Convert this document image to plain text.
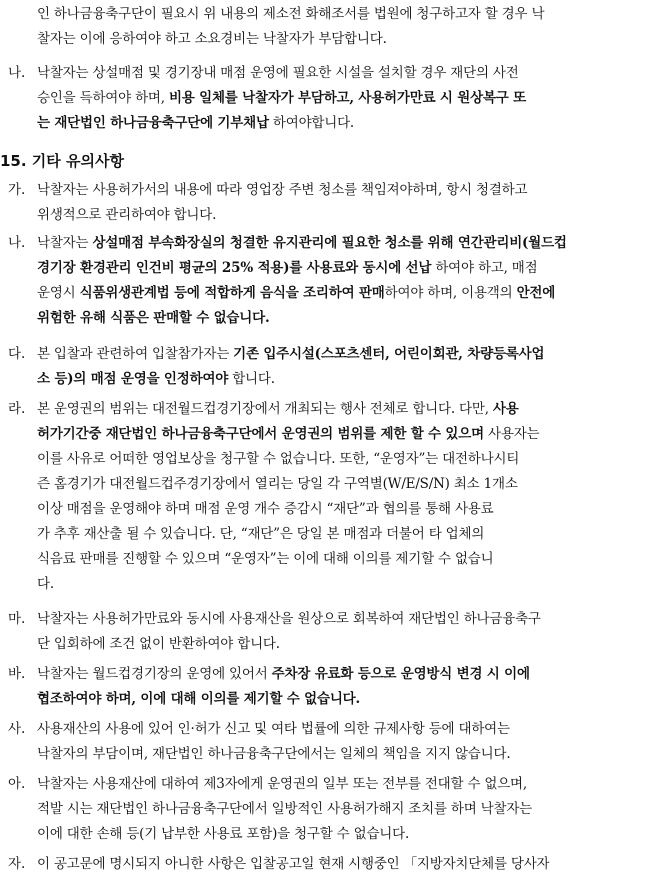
인 하나금융축구단이 필요시 위 내용의 제소전 화해조서를 법원에 청구하고자 할 경우 낙
찰자는 이에 응하여야 하고 소요경비는 낙찰자가 부담합니다.
나. 낙찰자는 상설매점 및 경기장내 매점 운영에 필요한 시설을 설치할 경우 재단의 사전
승인을 득하여야 하며, 비용 일체를 낙찰자가 부담하고, 사용허가만료 시 원상복구 또
는 재단법인 하나금융축구단에 기부채납 하여야합니다.
15. 기타 유의사항
가. 낙찰자는 사용허가서의 내용에 따라 영업장 주변 청소를 책임져야하며, 항시 청결하고
위생적으로 관리하여야 합니다.
나. 낙찰자는 상설매점 부속화장실의 청결한 유지관리에 필요한 청소를 위해 연간관리비(월드컵
경기장 환경관리 인건비 평균의 25% 적용)를 사용료와 동시에 선납 하여야 하고, 매점
운영시 식품위생관계법 등에 적합하게 음식을 조리하여 판매하여야 하며, 이용객의 안전에
위험한 유해 식품은 판매할 수 없습니다.
다. 본 입찰과 관련하여 입찰참가자는 기존 입주시설(스포츠센터, 어린이회관, 차량등록사업
소 등)의 매점 운영을 인정하여야 합니다.
라. 본 운영권의 범위는 대전월드컵경기장에서 개최되는 행사 전체로 합니다. 다만, 사용
허가기간중 재단법인 하나금융축구단에서 운영권의 범위를 제한 할 수 있으며 사용자는
이를 사유로 어떠한 영업보상을 청구할 수 없습니다. 또한, “운영자”는 대전하나시티
즌 홈경기가 대전월드컵주경기장에서 열리는 당일 각 구역별(W/E/S/N) 최소 1개소
이상 매점을 운영해야 하며 매점 운영 개수 증감시 “재단”과 협의를 통해 사용료
가 추후 재산출 될 수 있습니다. 단, “재단”은 당일 본 매점과 더불어 타 업체의
식음료 판매를 진행할 수 있으며 “운영자”는 이에 대해 이의를 제기할 수 없습니
다.
마. 낙찰자는 사용허가만료와 동시에 사용재산을 원상으로 회복하여 재단법인 하나금융축구
단 입회하에 조건 없이 반환하여야 합니다.
바. 낙찰자는 월드컵경기장의 운영에 있어서 주차장 유료화 등으로 운영방식 변경 시 이에
협조하여야 하며, 이에 대해 이의를 제기할 수 없습니다.
사. 사용재산의 사용에 있어 인·허가 신고 및 여타 법률에 의한 규제사항 등에 대하여는
낙찰자의 부담이며, 재단법인 하나금융축구단에서는 일체의 책임을 지지 않습니다.
아. 낙찰자는 사용재산에 대하여 제3자에게 운영권의 일부 또는 전부를 전대할 수 없으며,
적발 시는 재단법인 하나금융축구단에서 일방적인 사용허가해지 조치를 하며 낙찰자는
이에 대한 손해 등(기 납부한 사용료 포함)을 청구할 수 없습니다.
자. 이 공고문에 명시되지 아니한 사항은 입찰공고일 현재 시행중인 「지방자치단체를 당사자
